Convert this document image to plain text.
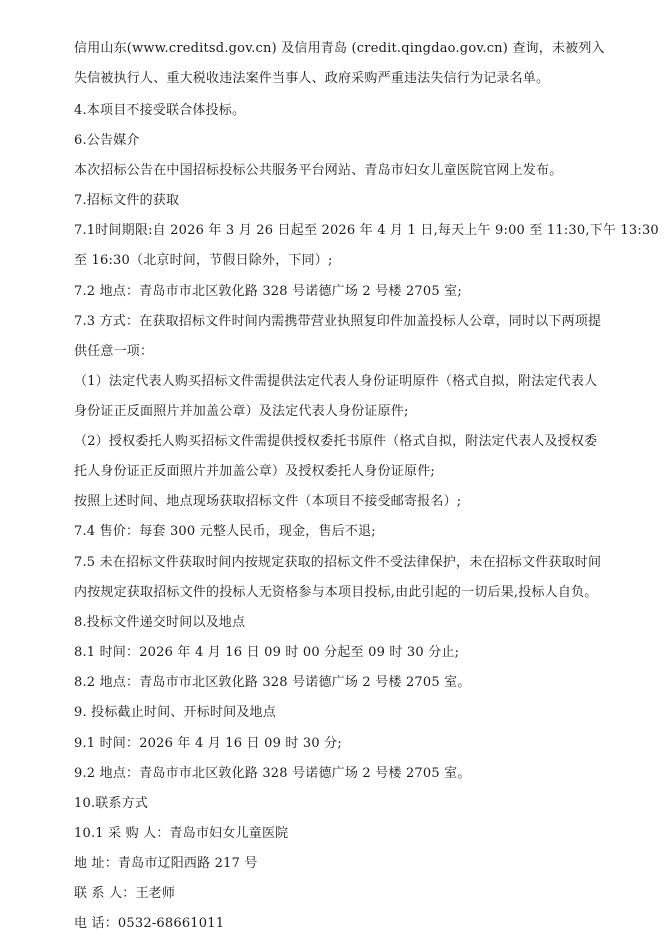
信用山东(www.creditsd.gov.cn) 及信用青岛 (credit.qingdao.gov.cn) 查询，未被列入
失信被执行人、重大税收违法案件当事人、政府采购严重违法失信行为记录名单。
4.本项目不接受联合体投标。
6.公告媒介
本次招标公告在中国招标投标公共服务平台网站、青岛市妇女儿童医院官网上发布。
7.招标文件的获取
7.1时间期限:自 2026 年 3 月 26 日起至 2026 年 4 月 1 日,每天上午 9:00 至 11:30,下午 13:30
至 16:30（北京时间，节假日除外，下同）;
7.2 地点：青岛市市北区敦化路 328 号诺德广场 2 号楼 2705 室;
7.3 方式：在获取招标文件时间内需携带营业执照复印件加盖投标人公章，同时以下两项提
供任意一项：
（1）法定代表人购买招标文件需提供法定代表人身份证明原件（格式自拟，附法定代表人
身份证正反面照片并加盖公章）及法定代表人身份证原件;
（2）授权委托人购买招标文件需提供授权委托书原件（格式自拟，附法定代表人及授权委
托人身份证正反面照片并加盖公章）及授权委托人身份证原件;
按照上述时间、地点现场获取招标文件（本项目不接受邮寄报名）;
7.4 售价：每套 300 元整人民币，现金，售后不退;
7.5 未在招标文件获取时间内按规定获取的招标文件不受法律保护，未在招标文件获取时间
内按规定获取招标文件的投标人无资格参与本项目投标,由此引起的一切后果,投标人自负。
8.投标文件递交时间以及地点
8.1 时间：2026 年 4 月 16 日 09 时 00 分起至 09 时 30 分止;
8.2 地点：青岛市市北区敦化路 328 号诺德广场 2 号楼 2705 室。
9. 投标截止时间、开标时间及地点
9.1 时间：2026 年 4 月 16 日 09 时 30 分;
9.2 地点：青岛市市北区敦化路 328 号诺德广场 2 号楼 2705 室。
10.联系方式
10.1 采 购 人：青岛市妇女儿童医院
地 址：青岛市辽阳西路 217 号
联 系 人：王老师
电 话：0532-68661011
